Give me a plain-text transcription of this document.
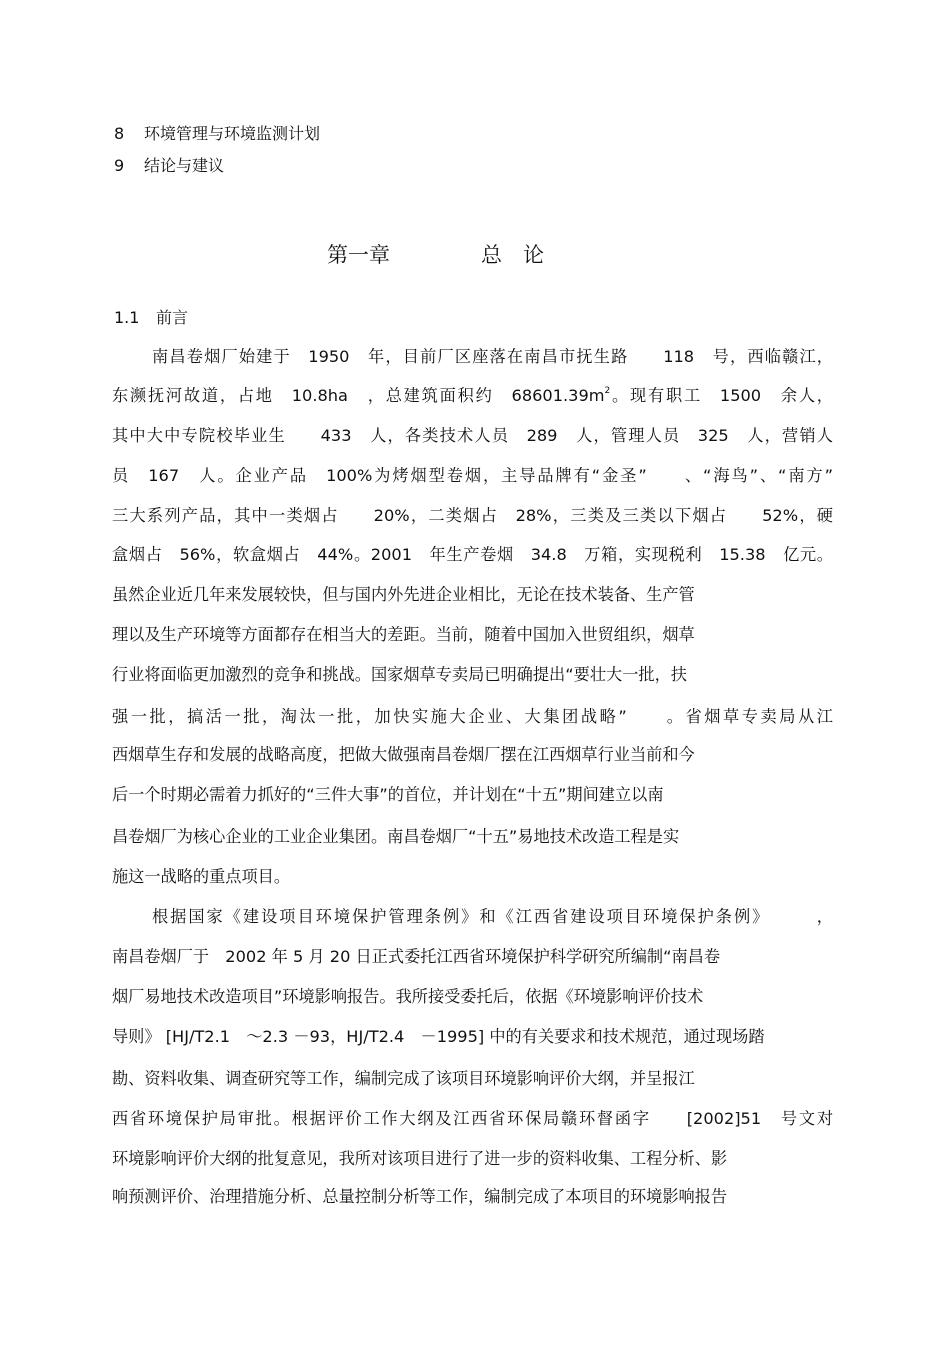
8 环境管理与环境监测计划
9 结论与建议
第一章	总　论
1.1 前言
南昌卷烟厂始建于　1950　年，目前厂区座落在南昌市抚生路　　118　号，西临赣江，
东濒抚河故道，占地　10.8ha　，总建筑面积约　$68601.39m^2$。现有职工　1500　余人，
其中大中专院校毕业生　　433　人，各类技术人员　289　人，管理人员　325　人，营销人
员　167　人。企业产品　100%为烤烟型卷烟，主导品牌有“金圣”　　、“海鸟”、“南方”
三大系列产品，其中一类烟占　　20%，二类烟占　28%，三类及三类以下烟占　　52%，硬
盒烟占　56%，软盒烟占　44%。2001　年生产卷烟　34.8　万箱，实现税利　15.38　亿元。
虽然企业近几年来发展较快，但与国内外先进企业相比，无论在技术装备、生产管
理以及生产环境等方面都存在相当大的差距。当前，随着中国加入世贸组织，烟草
行业将面临更加激烈的竞争和挑战。国家烟草专卖局已明确提出“要壮大一批，扶
强一批，搞活一批，淘汰一批，加快实施大企业、大集团战略”　　。省烟草专卖局从江
西烟草生存和发展的战略高度，把做大做强南昌卷烟厂摆在江西烟草行业当前和今
后一个时期必需着力抓好的“三件大事”的首位，并计划在“十五”期间建立以南
昌卷烟厂为核心企业的工业企业集团。南昌卷烟厂“十五”易地技术改造工程是实
施这一战略的重点项目。
根据国家《建设项目环境保护管理条例》和《江西省建设项目环境保护条例》　　　，
南昌卷烟厂于　2002 年 5 月 20 日正式委托江西省环境保护科学研究所编制“南昌卷
烟厂易地技术改造项目”环境影响报告。我所接受委托后，依据《环境影响评价技术
导则》 [HJ/T2.1　～2.3 －93，HJ/T2.4　－1995] 中的有关要求和技术规范，通过现场踏
勘、资料收集、调查研究等工作，编制完成了该项目环境影响评价大纲，并呈报江
西省环境保护局审批。根据评价工作大纲及江西省环保局赣环督函字　　[2002]51　号文对
环境影响评价大纲的批复意见，我所对该项目进行了进一步的资料收集、工程分析、影
响预测评价、治理措施分析、总量控制分析等工作，编制完成了本项目的环境影响报告
